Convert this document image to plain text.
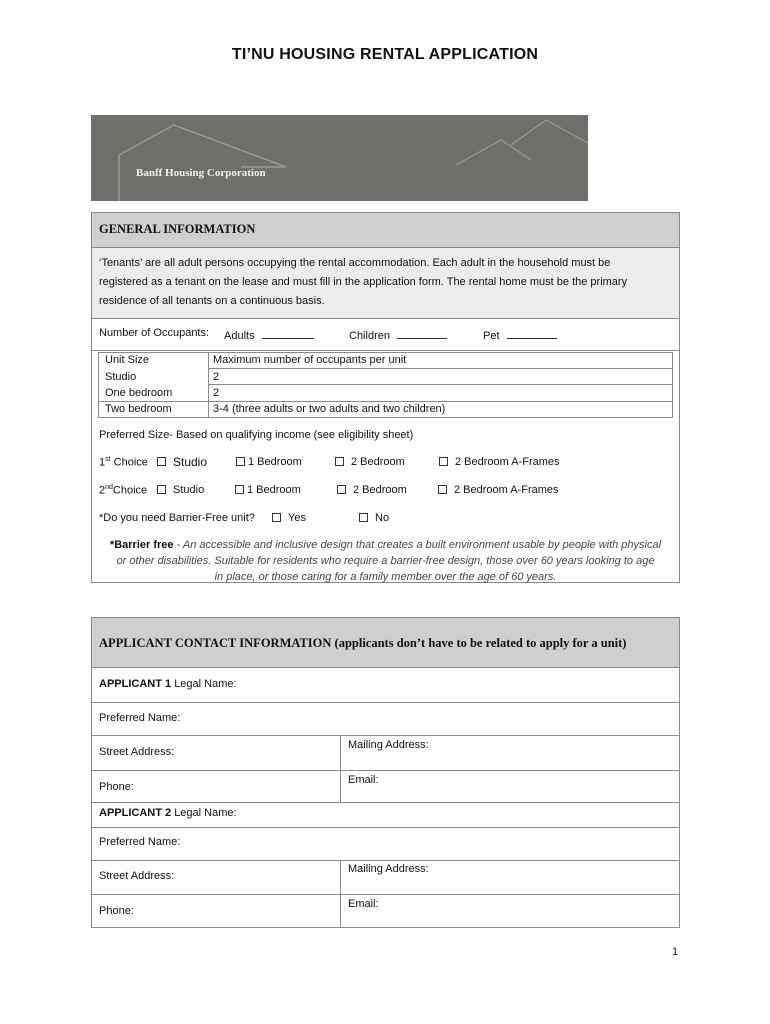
TI’NU HOUSING RENTAL APPLICATION
Banff Housing Corporation
GENERAL INFORMATION
‘Tenants’ are all adult persons occupying the rental accommodation. Each adult in the household must be
registered as a tenant on the lease and must fill in the application form. The rental home must be the primary
residence of all tenants on a continuous basis.
Number of Occupants: Adults	Children	Pet
Unit Size	Maximum number of occupants per unit
Studio	2
One bedroom	2
Two bedroom	3-4 (three adults or two adults and two children)
Preferred Size- Based on qualifying income (see eligibility sheet)
1st Choice	Studio	1 Bedroom	2 Bedroom	2 Bedroom A-Frames
2ndChoice	Studio	1 Bedroom	2 Bedroom	2 Bedroom A-Frames
*Do you need Barrier-Free unit?	Yes	No
*Barrier free - An accessible and inclusive design that creates a built environment usable by people with physical
or other disabilities. Suitable for residents who require a barrier-free design, those over 60 years looking to age
in place, or those caring for a family member over the age of 60 years.
APPLICANT CONTACT INFORMATION (applicants don’t have to be related to apply for a unit)
APPLICANT 1 Legal Name:
Preferred Name:
Street Address:
Mailing Address:
Phone:
Email:
APPLICANT 2 Legal Name:
Preferred Name:
Street Address:
Mailing Address:
Phone:
Email:
1
